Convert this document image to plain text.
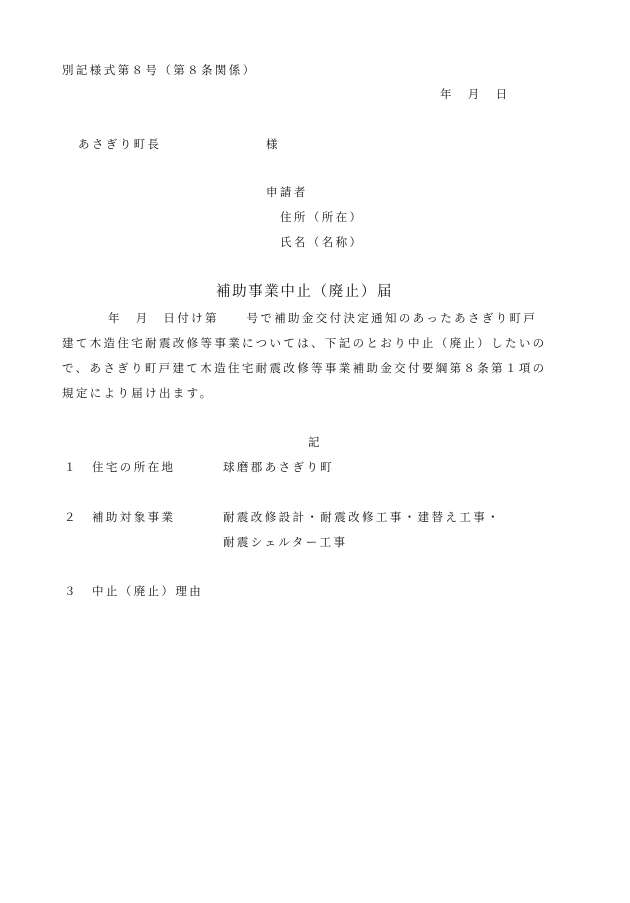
別記様式第８号（第８条関係）
年　月　日
あさぎり町長	様
申請者
住所（所在）
氏名（名称）
補助事業中止（廃止）届
年　月　日付け第　　号で補助金交付決定通知のあったあさぎり町戸
建て木造住宅耐震改修等事業については、下記のとおり中止（廃止）したいの
で、あさぎり町戸建て木造住宅耐震改修等事業補助金交付要綱第８条第１項の
規定により届け出ます。
記
１ 住宅の所在地	球磨郡あさぎり町
２ 補助対象事業	耐震改修設計・耐震改修工事・建替え工事・
耐震シェルター工事
３ 中止（廃止）理由
